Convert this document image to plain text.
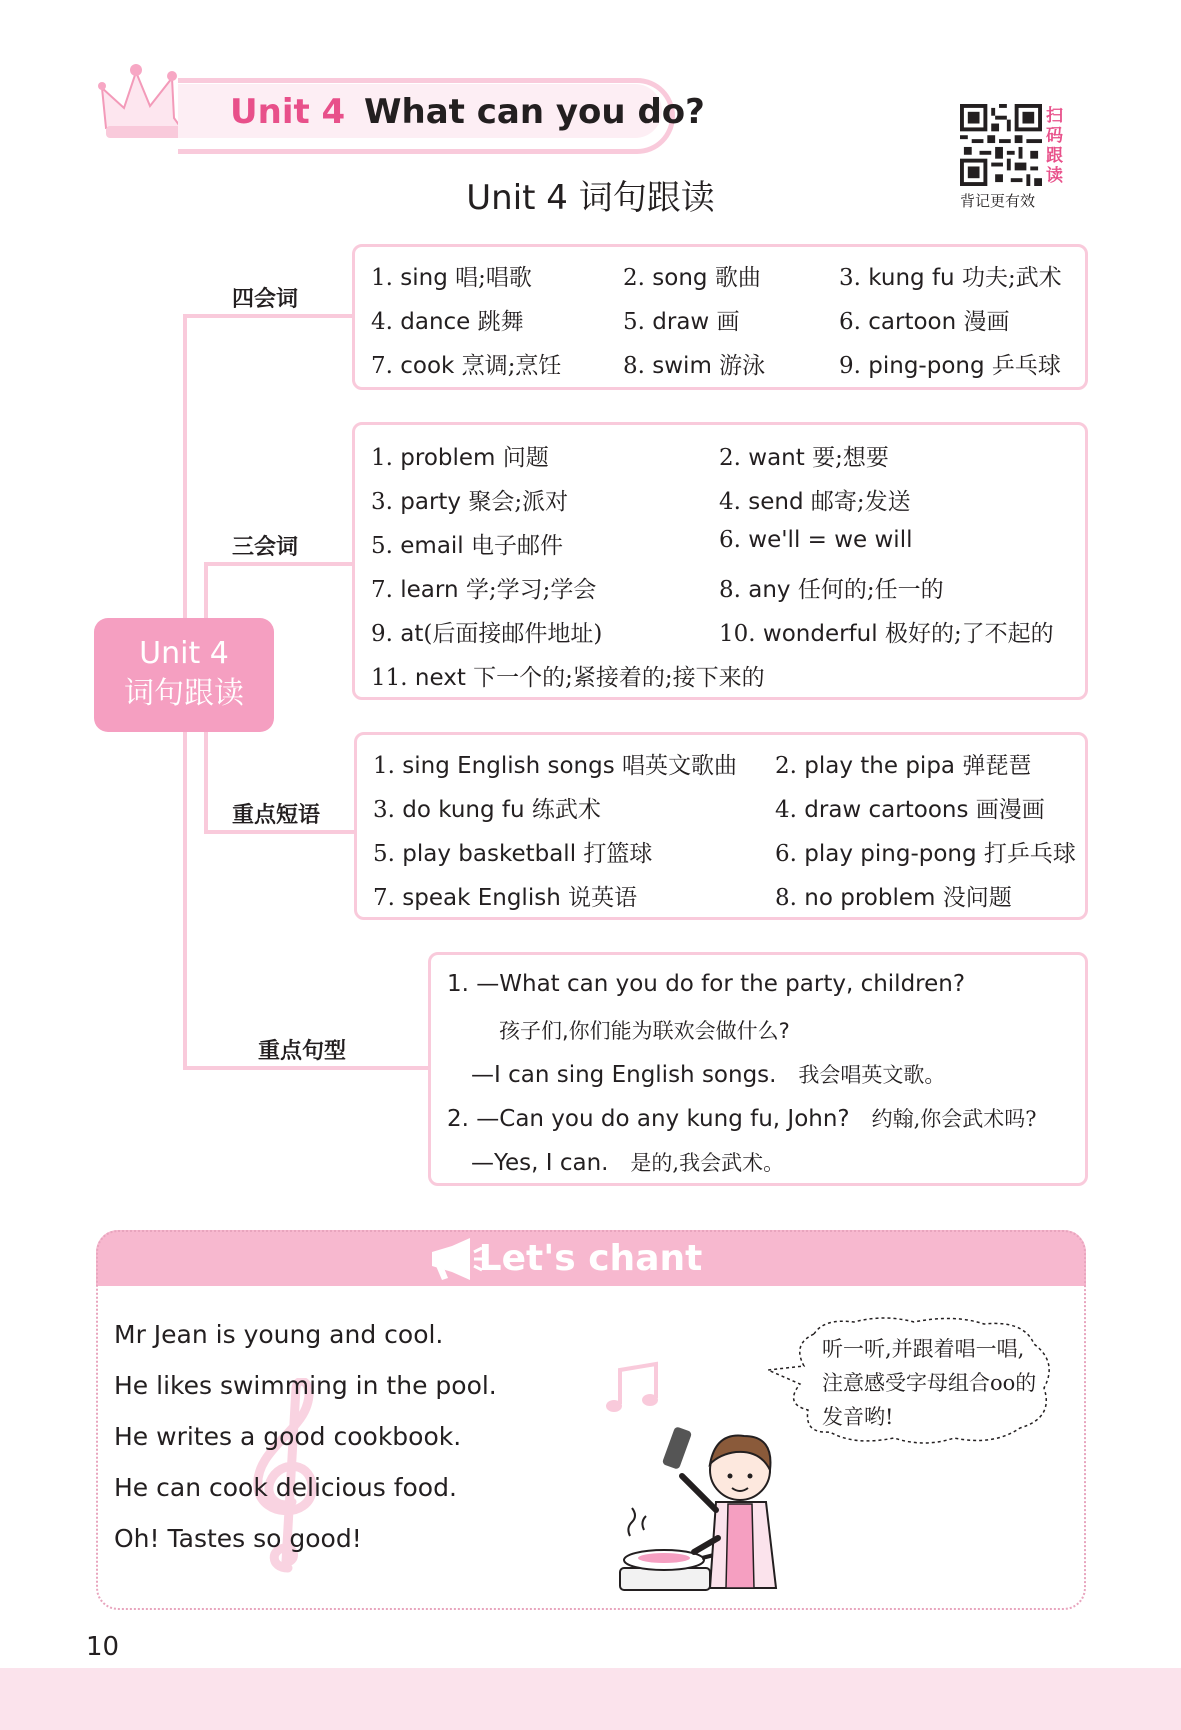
Unit 4 What can you do?
Unit 4 词句跟读
扫码跟读
背记更有效
Unit 4
词句跟读
四会词
三会词
重点短语
重点句型
1. sing 唱;唱歌	2. song 歌曲	3. kung fu 功夫;武术
4. dance 跳舞	5. draw 画	6. cartoon 漫画
7. cook 烹调;烹饪	8. swim 游泳	9. ping-pong 乒乓球
1. problem 问题	2. want 要;想要
3. party 聚会;派对	4. send 邮寄;发送
5. email 电子邮件	6. we'll = we will
7. learn 学;学习;学会	8. any 任何的;任一的
9. at(后面接邮件地址)	10. wonderful 极好的;了不起的
11. next 下一个的;紧接着的;接下来的
1. sing English songs 唱英文歌曲 2. play the pipa 弹琵琶
3. do kung fu 练武术	4. draw cartoons 画漫画
5. play basketball 打篮球	6. play ping-pong 打乒乓球
7. speak English 说英语	8. no problem 没问题
1. —What can you do for the party, children?
孩子们,你们能为联欢会做什么?
—I can sing English songs. 我会唱英文歌。
2. —Can you do any kung fu, John? 约翰,你会武术吗?
—Yes, I can. 是的,我会武术。
Let's chant
Mr Jean is young and cool.
He likes swimming in the pool.
He writes a good cookbook.
He can cook delicious food.
Oh! Tastes so good!
听一听,并跟着唱一唱,注意感受字母组合oo的发音哟!
10
